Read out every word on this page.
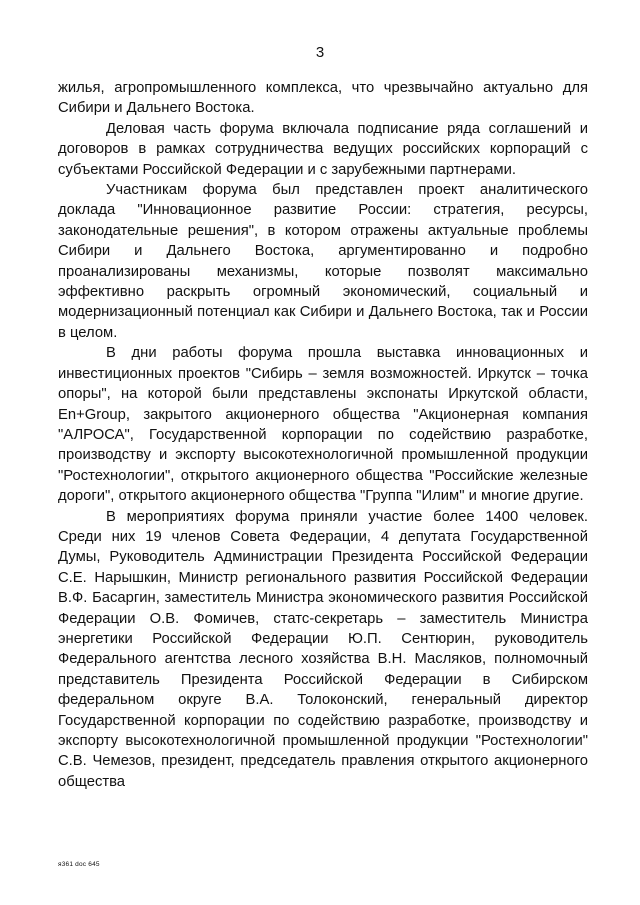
3

жилья, агропромышленного комплекса, что чрезвычайно актуально для Сибири и Дальнего Востока.

Деловая часть форума включала подписание ряда соглашений и договоров в рамках сотрудничества ведущих российских корпораций с субъектами Российской Федерации и с зарубежными партнерами.

Участникам форума был представлен проект аналитического доклада "Инновационное развитие России: стратегия, ресурсы, законодательные решения", в котором отражены актуальные проблемы Сибири и Дальнего Востока, аргументированно и подробно проанализированы механизмы, которые позволят максимально эффективно раскрыть огромный экономический, социальный и модернизационный потенциал как Сибири и Дальнего Востока, так и России в целом.

В дни работы форума прошла выставка инновационных и инвестиционных проектов "Сибирь – земля возможностей. Иркутск – точка опоры", на которой были представлены экспонаты Иркутской области, En+Group, закрытого акционерного общества "Акционерная компания "АЛРОСА", Государственной корпорации по содействию разработке, производству и экспорту высокотехнологичной промышленной продукции "Ростехнологии", открытого акционерного общества "Российские железные дороги", открытого акционерного общества "Группа "Илим" и многие другие.

В мероприятиях форума приняли участие более 1400 человек. Среди них 19 членов Совета Федерации, 4 депутата Государственной Думы, Руководитель Администрации Президента Российской Федерации С.Е. Нарышкин, Министр регионального развития Российской Федерации В.Ф. Басаргин, заместитель Министра экономического развития Российской Федерации О.В. Фомичев, статс-секретарь – заместитель Министра энергетики Российской Федерации Ю.П. Сентюрин, руководитель Федерального агентства лесного хозяйства В.Н. Масляков, полномочный представитель Президента Российской Федерации в Сибирском федеральном округе В.А. Толоконский, генеральный директор Государственной корпорации по содействию разработке, производству и экспорту высокотехнологичной промышленной продукции "Ростехнологии" С.В. Чемезов, президент, председатель правления открытого акционерного общества

я361 doc 645
